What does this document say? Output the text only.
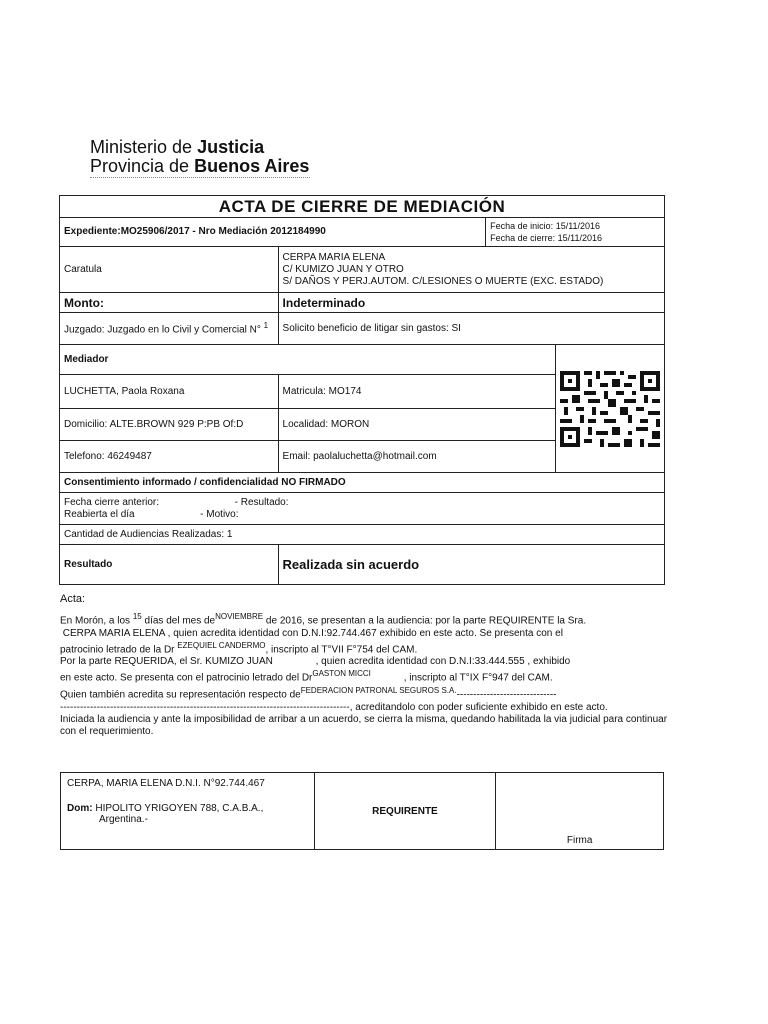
Ministerio de Justicia
Provincia de Buenos Aires
ACTA DE CIERRE DE MEDIACIÓN			
Expediente:MO25906/2017 - Nro Mediación 2012184990		Fecha de inicio: 15/11/2016
Fecha de cierre: 15/11/2016	

Caratula	CERPA MARIA ELENA
C/ KUMIZO JUAN Y OTRO
S/ DAÑOS Y PERJ.AUTOM. C/LESIONES O MUERTE (EXC. ESTADO)		

Monto:	Indeterminado		
Juzgado: Juzgado en lo Civil y Comercial N° $^1$	Solicito beneficio de litigar sin gastos: SI		
Mediador	

LUCHETTA, Paola Roxana	Matricula: MO174		
Domicilio: ALTE.BROWN 929 P:PB Of:D	Localidad: MORON		
Telefono: 46249487	Email: paolaluchetta@hotmail.com		
Consentimiento informado / confidencialidad NO FIRMADO			

Fecha cierre anterior: - Resultado:
Reabierta el día - Motivo:			

Cantidad de Audiencias Realizadas: 1			
Resultado	Realizada sin acuerdo		
Acta:

En Morón, a los $^{15}$ días del mes $de^{NOVIEMBRE}$ de 2016, se presentan a la audiencia: por la parte REQUIRENTE la Sra.

CERPA MARIA ELENA , quien acredita identidad con D.N.I:92.744.467 exhibido en este acto. Se presenta con el

patrocinio letrado de la Dr $^{EZEQUIEL CANDERMO}$, inscripto al T°VII F°754 del CAM.

Por la parte REQUERIDA, el Sr. KUMIZO JUAN	, quien acredita identidad con D.N.I:33.444.555 , exhibido

en este acto. Se presenta con el patrocinio letrado del $Dr^{GASTON MICCI}$	, inscripto al T°IX F°947 del CAM.

Quien también acredita su representación respecto $de^{FEDERACION PATRONAL SEGUROS S.A.}------------------------------$

---------------------------------------------------------------------------------------, acreditandolo con poder suficiente exhibido en este acto.

Iniciada la audiencia y ante la imposibilidad de arribar a un acuerdo, se cierra la misma, quedando habilitada la via judicial para continuar con el requerimiento.

CERPA, MARIA ELENA D.N.I. N°92.744.467
Dom: HIPOLITO YRIGOYEN 788, C.A.B.A.,
Argentina.-
	REQUIRENTE	Firma
